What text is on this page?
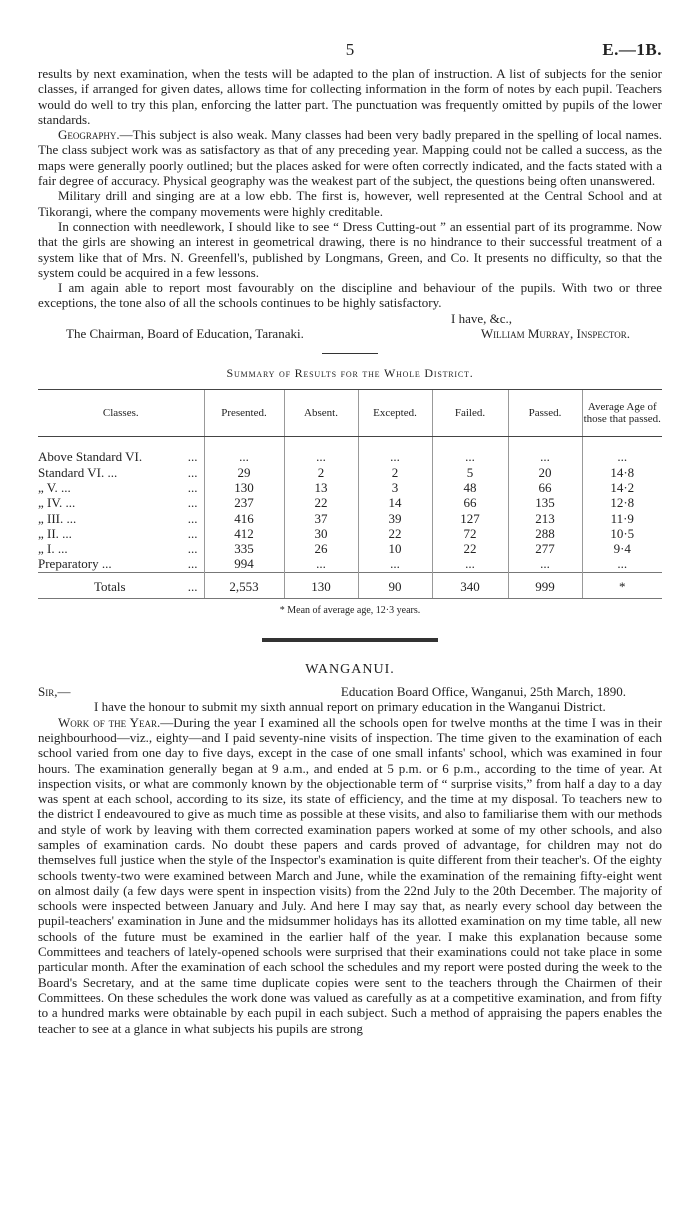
5	E.—1B.

results by next examination, when the tests will be adapted to the plan of instruction. A list of subjects for the senior classes, if arranged for given dates, allows time for collecting information in the form of notes by each pupil. Teachers would do well to try this plan, enforcing the latter part. The punctuation was frequently omitted by pupils of the lower standards.

Geography.—This subject is also weak. Many classes had been very badly prepared in the spelling of local names. The class subject work was as satisfactory as that of any preceding year. Mapping could not be called a success, as the maps were generally poorly outlined; but the places asked for were often correctly indicated, and the facts stated with a fair degree of accuracy. Physical geography was the weakest part of the subject, the questions being often unanswered.

Military drill and singing are at a low ebb. The first is, however, well represented at the Central School and at Tikorangi, where the company movements were highly creditable.

In connection with needlework, I should like to see “ Dress Cutting-out ” an essential part of its programme. Now that the girls are showing an interest in geometrical drawing, there is no hindrance to their successful treatment of a system like that of Mrs. N. Greenfell's, published by Longmans, Green, and Co. It presents no difficulty, so that the system could be acquired in a few lessons.

I am again able to report most favourably on the discipline and behaviour of the pupils. With two or three exceptions, the tone also of all the schools continues to be highly satisfactory.

I have, &c.,
The Chairman, Board of Education, Taranaki.	William Murray, Inspector.
Summary of Results for the Whole District.
Classes.	Presented.	Absent.	Excepted.	Failed.	Passed.	Average Age of those that passed.

Above Standard VI. ...	...	...	...	...	...	...
Standard VI. ... ...	29	2	2	5	20	14·8
„ V. ... ...	130	13	3	48	66	14·2
„ IV. ... ...	237	22	14	66	135	12·8
„ III. ... ...	416	37	39	127	213	11·9
„ II. ... ...	412	30	22	72	288	10·5
„ I. ... ...	335	26	10	22	277	9·4
Preparatory ... ...	994	...	...	...	...	...
Totals ...	2,553	130	90	340	999	*
* Mean of average age, 12·3 years.
WANGANUI.
Sir,—	Education Board Office, Wanganui, 25th March, 1890.

I have the honour to submit my sixth annual report on primary education in the Wanganui District.

Work of the Year.—During the year I examined all the schools open for twelve months at the time I was in their neighbourhood—viz., eighty—and I paid seventy-nine visits of inspection. The time given to the examination of each school varied from one day to five days, except in the case of one small infants' school, which was examined in four hours. The examination generally began at 9 a.m., and ended at 5 p.m. or 6 p.m., according to the time of year. At inspection visits, or what are commonly known by the objectionable term of “ surprise visits,” from half a day to a day was spent at each school, according to its size, its state of efficiency, and the time at my disposal. To teachers new to the district I endeavoured to give as much time as possible at these visits, and also to familiarise them with our methods and style of work by leaving with them corrected examination papers worked at some of my other schools, and also samples of examination cards. No doubt these papers and cards proved of advantage, for children may not do themselves full justice when the style of the Inspector's examination is quite different from their teacher's. Of the eighty schools twenty-two were examined between March and June, while the examination of the remaining fifty-eight went on almost daily (a few days were spent in inspection visits) from the 22nd July to the 20th December. The majority of schools were inspected between January and July. And here I may say that, as nearly every school day between the pupil-teachers' examination in June and the midsummer holidays has its allotted examination on my time table, all new schools of the future must be examined in the earlier half of the year. I make this explanation because some Committees and teachers of lately-opened schools were surprised that their examinations could not take place in some particular month. After the examination of each school the schedules and my report were posted during the week to the Board's Secretary, and at the same time duplicate copies were sent to the teachers through the Chairmen of their Committees. On these schedules the work done was valued as carefully as at a competitive examination, and from fifty to a hundred marks were obtainable by each pupil in each subject. Such a method of appraising the papers enables the teacher to see at a glance in what subjects his pupils are strong
